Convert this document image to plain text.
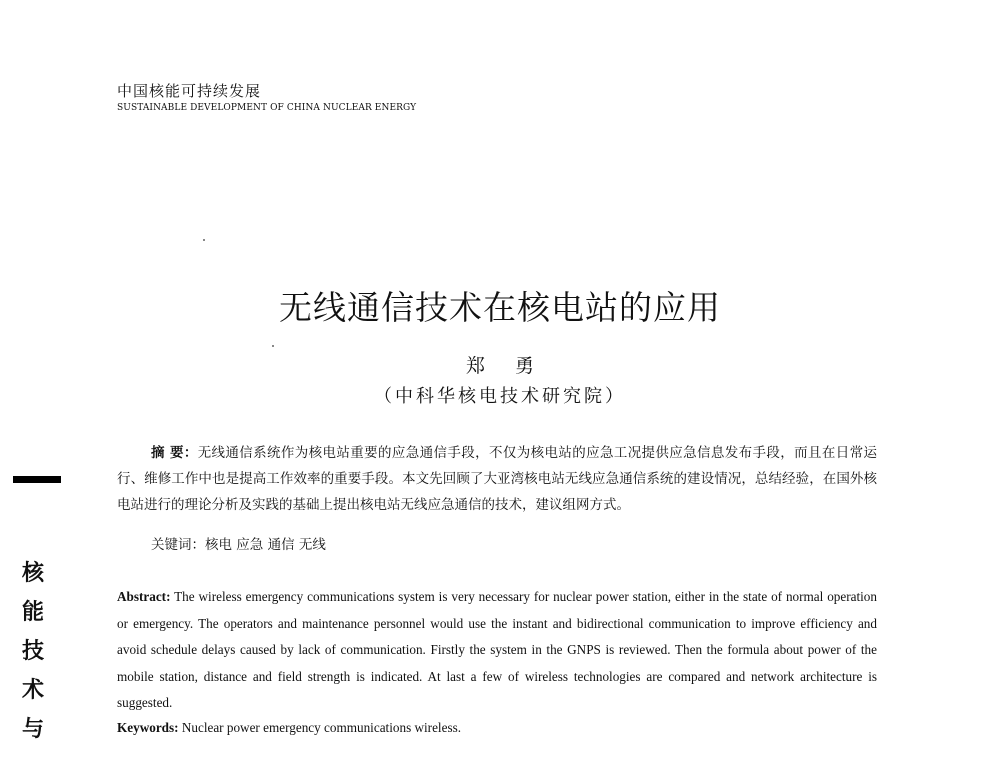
中国核能可持续发展
SUSTAINABLE DEVELOPMENT OF CHINA NUCLEAR ENERGY
无线通信技术在核电站的应用
郑 勇
（中科华核电技术研究院）
摘 要：无线通信系统作为核电站重要的应急通信手段，不仅为核电站的应急工况提供应急信息发布手段，而且在日常运行、维修工作中也是提高工作效率的重要手段。本文先回顾了大亚湾核电站无线应急通信系统的建设情况，总结经验，在国外核电站进行的理论分析及实践的基础上提出核电站无线应急通信的技术，建议组网方式。
关键词：核电 应急 通信 无线
Abstract: The wireless emergency communications system is very necessary for nuclear power station, either in the state of normal operation or emergency. The operators and maintenance personnel would use the instant and bidirectional communication to improve efficiency and avoid schedule delays caused by lack of communication. Firstly the system in the GNPS is reviewed. Then the formula about power of the mobile station, distance and field strength is indicated. At last a few of wireless technologies are compared and network architecture is suggested.
Keywords: Nuclear power emergency communications wireless.
核
能
技
术
与
